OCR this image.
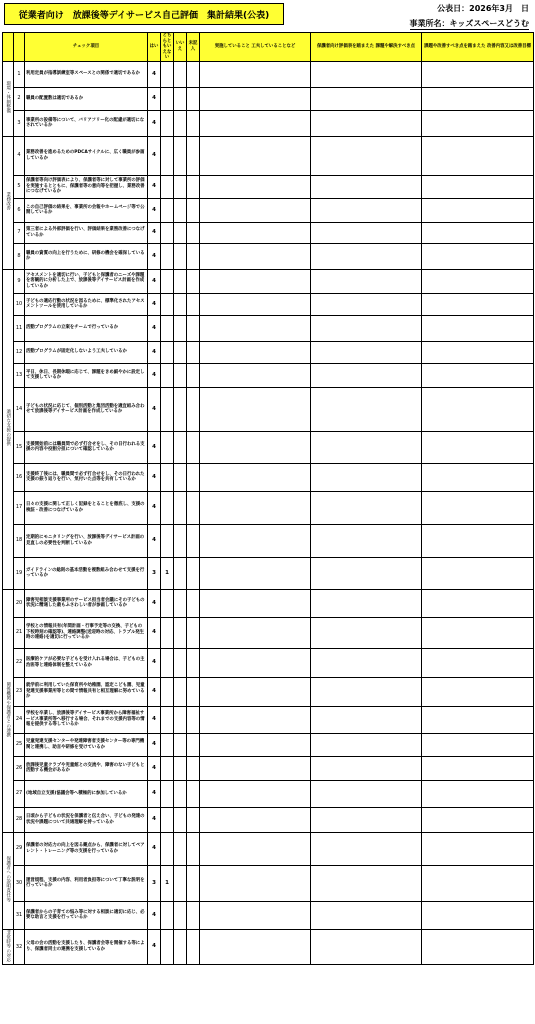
従業者向け　放課後等デイサービス自己評価　集計結果(公表)
公表日：2026年3月　日
事業所名：キッズスペースどうむ
		チェック項目	はい	どちらともいえない	いいえ	未記入	実施していること 工夫していることなど	保護者向け評価表を踏まえた 課題や解決すべき点	課題や改善すべき点を踏まえた 改善内容又は改善目標
環境・体制整備	1	利用定員が指導訓練室等スペースとの関係で適切であるか	4						
	2	職員の配置数は適切であるか	4						
	3	事業所の設備等について、バリアフリー化の配慮が適切になされているか	4						
業務改善	4	業務改善を進めるためのPDCAサイクルに、広く職員が参画しているか	4						
	5	保護者等向け評価表により、保護者等に対して事業所の評価を実施するとともに、保護者等の意向等を把握し、業務改善につなげているか	4						
	6	この自己評価の結果を、事業所の会報やホームページ等で公開しているか	4						
	7	第三者による外部評価を行い、評価結果を業務改善につなげているか	4						
	8	職員の資質の向上を行うために、研修の機会を確保しているか	4						
適切な支援の提供	9	アセスメントを適切に行い、子どもと保護者のニーズや課題を客観的に分析した上で、放課後等デイサービス計画を作成しているか	4						
	10	子どもの適応行動の状況を図るために、標準化されたアセスメントツールを使用しているか	4						
	11	活動プログラムの立案をチームで行っているか	4						
	12	活動プログラムが固定化しないよう工夫しているか	4						
	13	平日、休日、長期休暇に応じて、課題をきめ細やかに設定して支援しているか	4						
	14	子どもの状況に応じて、個別活動と集団活動を適宜組み合わせて放課後等デイサービス計画を作成しているか	4						
	15	支援開始前には職員間で必ず打合せをし、その日行われる支援の内容や役割分担について確認しているか	4						
	16	支援終了後には、職員間で必ず打合せをし、その日行われた支援の振り返りを行い、気付いた点等を共有しているか	4						
	17	日々の支援に関して正しく記録をとることを徹底し、支援の検証・改善につなげているか	4						
	18	定期的にモニタリングを行い、放課後等デイサービス計画の見直しの必要性を判断しているか	4						
	19	ガイドラインの総則の基本活動を複数組み合わせて支援を行っているか	3	1					
関係機関や保護者との連携	20	障害児相談支援事業所のサービス担当者会議にその子どもの状況に精通した最もふさわしい者が参画しているか	4						
	21	学校との情報共有(年間計画・行事予定等の交換、子どもの下校時刻の確認等)、連絡調整(送迎時の対応、トラブル発生時の連絡)を適切に行っているか	4						
	22	医療的ケアが必要な子どもを受け入れる場合は、子どもの主治医等と連絡体制を整えているか	4						
	23	就学前に利用していた保育所や幼稚園、認定こども園、児童発達支援事業所等との間で情報共有と相互理解に努めているか	4						
	24	学校を卒業し、放課後等デイサービス事業所から障害福祉サービス事業所等へ移行する場合、それまでの支援内容等の情報を提供する等しているか	4						
	25	児童発達支援センターや発達障害者支援センター等の専門機関と連携し、助言や研修を受けているか	4						
	26	放課後児童クラブや児童館との交流や、障害のない子どもと活動する機会があるか	4						
	27	(地域自立支援)協議会等へ積極的に参加しているか	4						
	28	日頃から子どもの状況を保護者と伝え合い、子どもの発達の状況や課題について共通理解を持っているか	4						
保護者への説明責任等	29	保護者の対応力の向上を図る観点から、保護者に対してペアレント・トレーニング等の支援を行っているか	4						
	30	運営規程、支援の内容、利用者負担等について丁寧な説明を行っているか	3	1					
	31	保護者からの子育ての悩み等に対する相談に適切に応じ、必要な助言と支援を行っているか	4						
非常時等の対応	32	父母の会の活動を支援したり、保護者会等を開催する等により、保護者同士の連携を支援しているか	4						
